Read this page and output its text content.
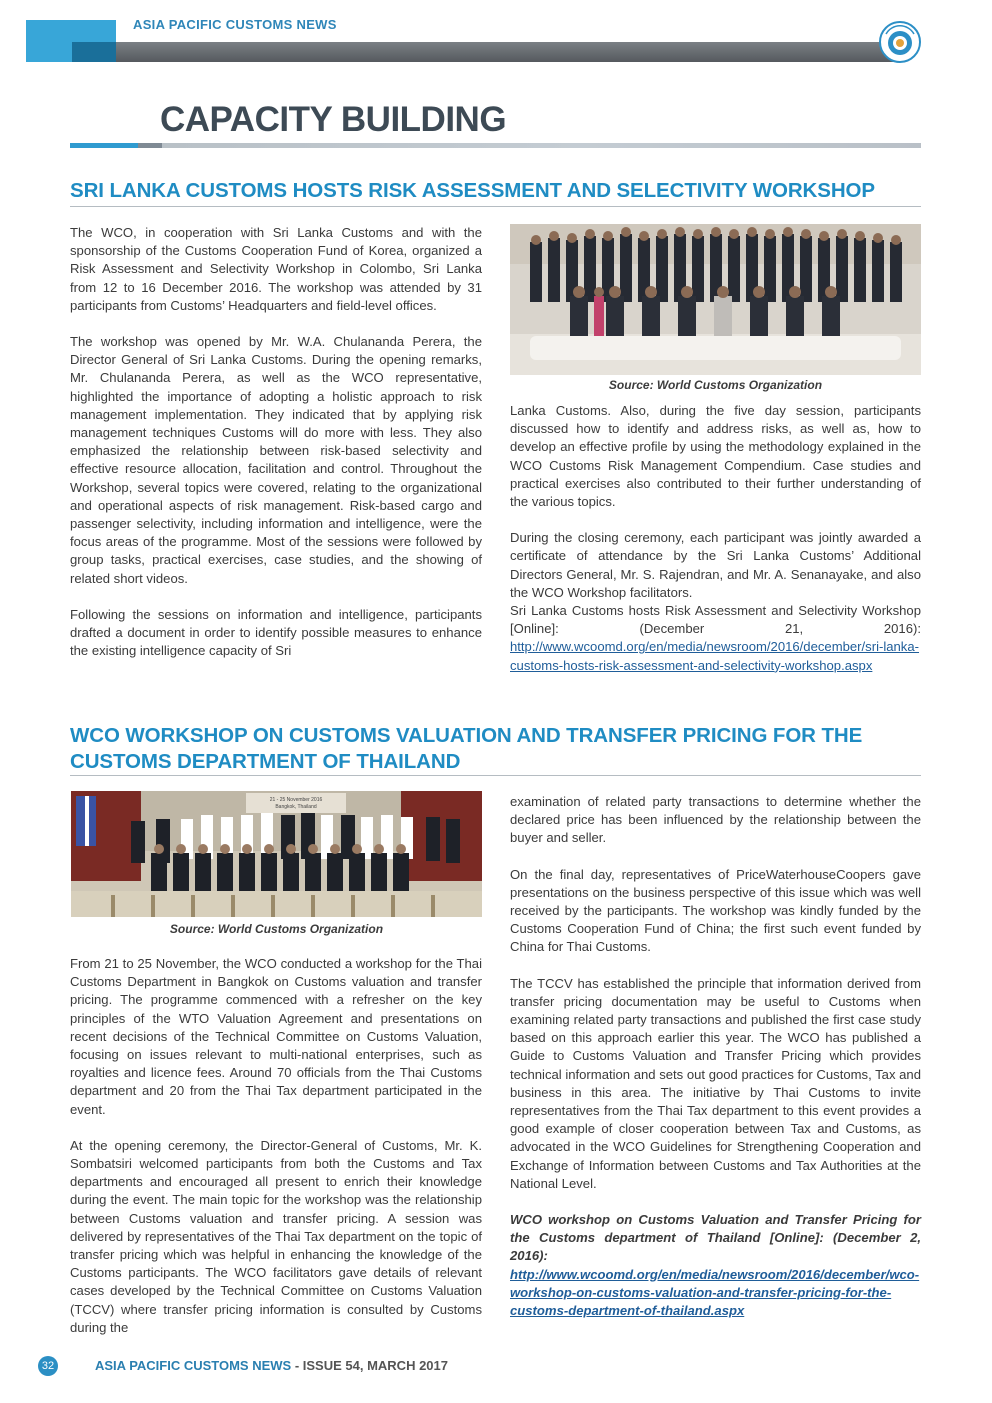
ASIA PACIFIC CUSTOMS NEWS
CAPACITY BUILDING
SRI LANKA CUSTOMS HOSTS RISK ASSESSMENT AND SELECTIVITY WORKSHOP

The WCO, in cooperation with Sri Lanka Customs and with the sponsorship of the Customs Cooperation Fund of Korea, organized a Risk Assessment and Selectivity Workshop in Colombo, Sri Lanka from 12 to 16 December 2016. The workshop was attended by 31 participants from Customs’ Headquarters and field-level offices.

The workshop was opened by Mr. W.A. Chulananda Perera, the Director General of Sri Lanka Customs. During the opening remarks, Mr. Chulananda Perera, as well as the WCO representative, highlighted the importance of adopting a holistic approach to risk management implementation. They indicated that by applying risk management techniques Customs will do more with less. They also emphasized the relationship between risk-based selectivity and effective resource allocation, facilitation and control. Throughout the Workshop, several topics were covered, relating to the organizational and operational aspects of risk management. Risk-based cargo and passenger selectivity, including information and intelligence, were the focus areas of the programme. Most of the sessions were followed by group tasks, practical exercises, case studies, and the showing of related short videos.

Following the sessions on information and intelligence, participants drafted a document in order to identify possible measures to enhance the existing intelligence capacity of Sri

Source: World Customs Organization

Lanka Customs. Also, during the five day session, participants discussed how to identify and address risks, as well as, how to develop an effective profile by using the methodology explained in the WCO Customs Risk Management Compendium. Case studies and practical exercises also contributed to their further understanding of the various topics.

During the closing ceremony, each participant was jointly awarded a certificate of attendance by the Sri Lanka Customs’ Additional Directors General, Mr. S. Rajendran, and Mr. A. Senanayake, and also the WCO Workshop facilitators.

Sri Lanka Customs hosts Risk Assessment and Selectivity Workshop [Online]: (December 21, 2016): http://www.wcoomd.org/en/media/newsroom/2016/december/sri-lanka-customs-hosts-risk-assessment-and-selectivity-workshop.aspx

WCO WORKSHOP ON CUSTOMS VALUATION AND TRANSFER PRICING FOR THE
CUSTOMS DEPARTMENT OF THAILAND
21 - 25 November 2016
Bangkok, Thailand
Source: World Customs Organization

From 21 to 25 November, the WCO conducted a workshop for the Thai Customs Department in Bangkok on Customs valuation and transfer pricing. The programme commenced with a refresher on the key principles of the WTO Valuation Agreement and presentations on recent decisions of the Technical Committee on Customs Valuation, focusing on issues relevant to multi-national enterprises, such as royalties and licence fees. Around 70 officials from the Thai Customs department and 20 from the Thai Tax department participated in the event.

At the opening ceremony, the Director-General of Customs, Mr. K. Sombatsiri welcomed participants from both the Customs and Tax departments and encouraged all present to enrich their knowledge during the event. The main topic for the workshop was the relationship between Customs valuation and transfer pricing. A session was delivered by representatives of the Thai Tax department on the topic of transfer pricing which was helpful in enhancing the knowledge of the Customs participants. The WCO facilitators gave details of relevant cases developed by the Technical Committee on Customs Valuation (TCCV) where transfer pricing information is consulted by Customs during the

examination of related party transactions to determine whether the declared price has been influenced by the relationship between the buyer and seller.

On the final day, representatives of PriceWaterhouseCoopers gave presentations on the business perspective of this issue which was well received by the participants. The workshop was kindly funded by the Customs Cooperation Fund of China; the first such event funded by China for Thai Customs.

The TCCV has established the principle that information derived from transfer pricing documentation may be useful to Customs when examining related party transactions and published the first case study based on this approach earlier this year. The WCO has published a Guide to Customs Valuation and Transfer Pricing which provides technical information and sets out good practices for Customs, Tax and business in this area. The initiative by Thai Customs to invite representatives from the Thai Tax department to this event provides a good example of closer cooperation between Tax and Customs, as advocated in the WCO Guidelines for Strengthening Cooperation and Exchange of Information between Customs and Tax Authorities at the National Level.

WCO workshop on Customs Valuation and Transfer Pricing for the Customs department of Thailand [Online]: (December 2, 2016): http://www.wcoomd.org/en/media/newsroom/2016/december/wco-workshop-on-customs-valuation-and-transfer-pricing-for-the-customs-department-of-thailand.aspx

32	ASIA PACIFIC CUSTOMS NEWS - ISSUE 54, MARCH 2017
